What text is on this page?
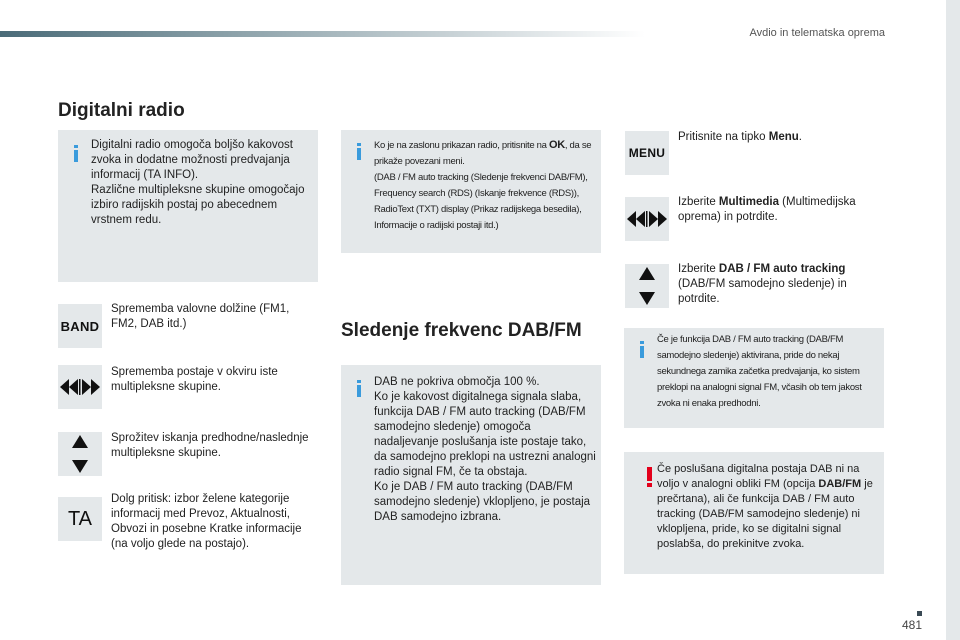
Avdio in telematska oprema
Digitalni radio
Digitalni radio omogoča boljšo kakovost zvoka in dodatne možnosti predvajanja informacij (TA INFO).
Različne multipleksne skupine omogočajo izbiro radijskih postaj po abecednem vrstnem redu.
BAND
Sprememba valovne dolžine (FM1, FM2, DAB itd.)
Sprememba postaje v okviru iste multipleksne skupine.
Sprožitev iskanja predhodne/naslednje multipleksne skupine.
TA
Dolg pritisk: izbor želene kategorije informacij med Prevoz, Aktualnosti, Obvozi in posebne Kratke informacije (na voljo glede na postajo).
Ko je na zaslonu prikazan radio, pritisnite na OK, da se prikaže povezani meni.
(DAB / FM auto tracking (Sledenje frekvenci DAB/FM), Frequency search (RDS) (Iskanje frekvence (RDS)), RadioText (TXT) display (Prikaz radijskega besedila), Informacije o radijski postaji itd.)
Sledenje frekvenc DAB/FM
DAB ne pokriva območja 100 %.
Ko je kakovost digitalnega signala slaba, funkcija DAB / FM auto tracking (DAB/FM samodejno sledenje) omogoča nadaljevanje poslušanja iste postaje tako, da samodejno preklopi na ustrezni analogni radio signal FM, če ta obstaja.
Ko je DAB / FM auto tracking (DAB/FM samodejno sledenje) vklopljeno, je postaja DAB samodejno izbrana.
MENU
Pritisnite na tipko Menu.
Izberite Multimedia (Multimedijska oprema) in potrdite.
Izberite DAB / FM auto tracking (DAB/FM samodejno sledenje) in potrdite.
Če je funkcija DAB / FM auto tracking (DAB/FM samodejno sledenje) aktivirana, pride do nekaj sekundnega zamika začetka predvajanja, ko sistem preklopi na analogni signal FM, včasih ob tem jakost zvoka ni enaka predhodni.
Če poslušana digitalna postaja DAB ni na voljo v analogni obliki FM (opcija DAB/FM je prečrtana), ali če funkcija DAB / FM auto tracking (DAB/FM samodejno sledenje) ni vklopljena, pride, ko se digitalni signal poslabša, do prekinitve zvoka.
481
